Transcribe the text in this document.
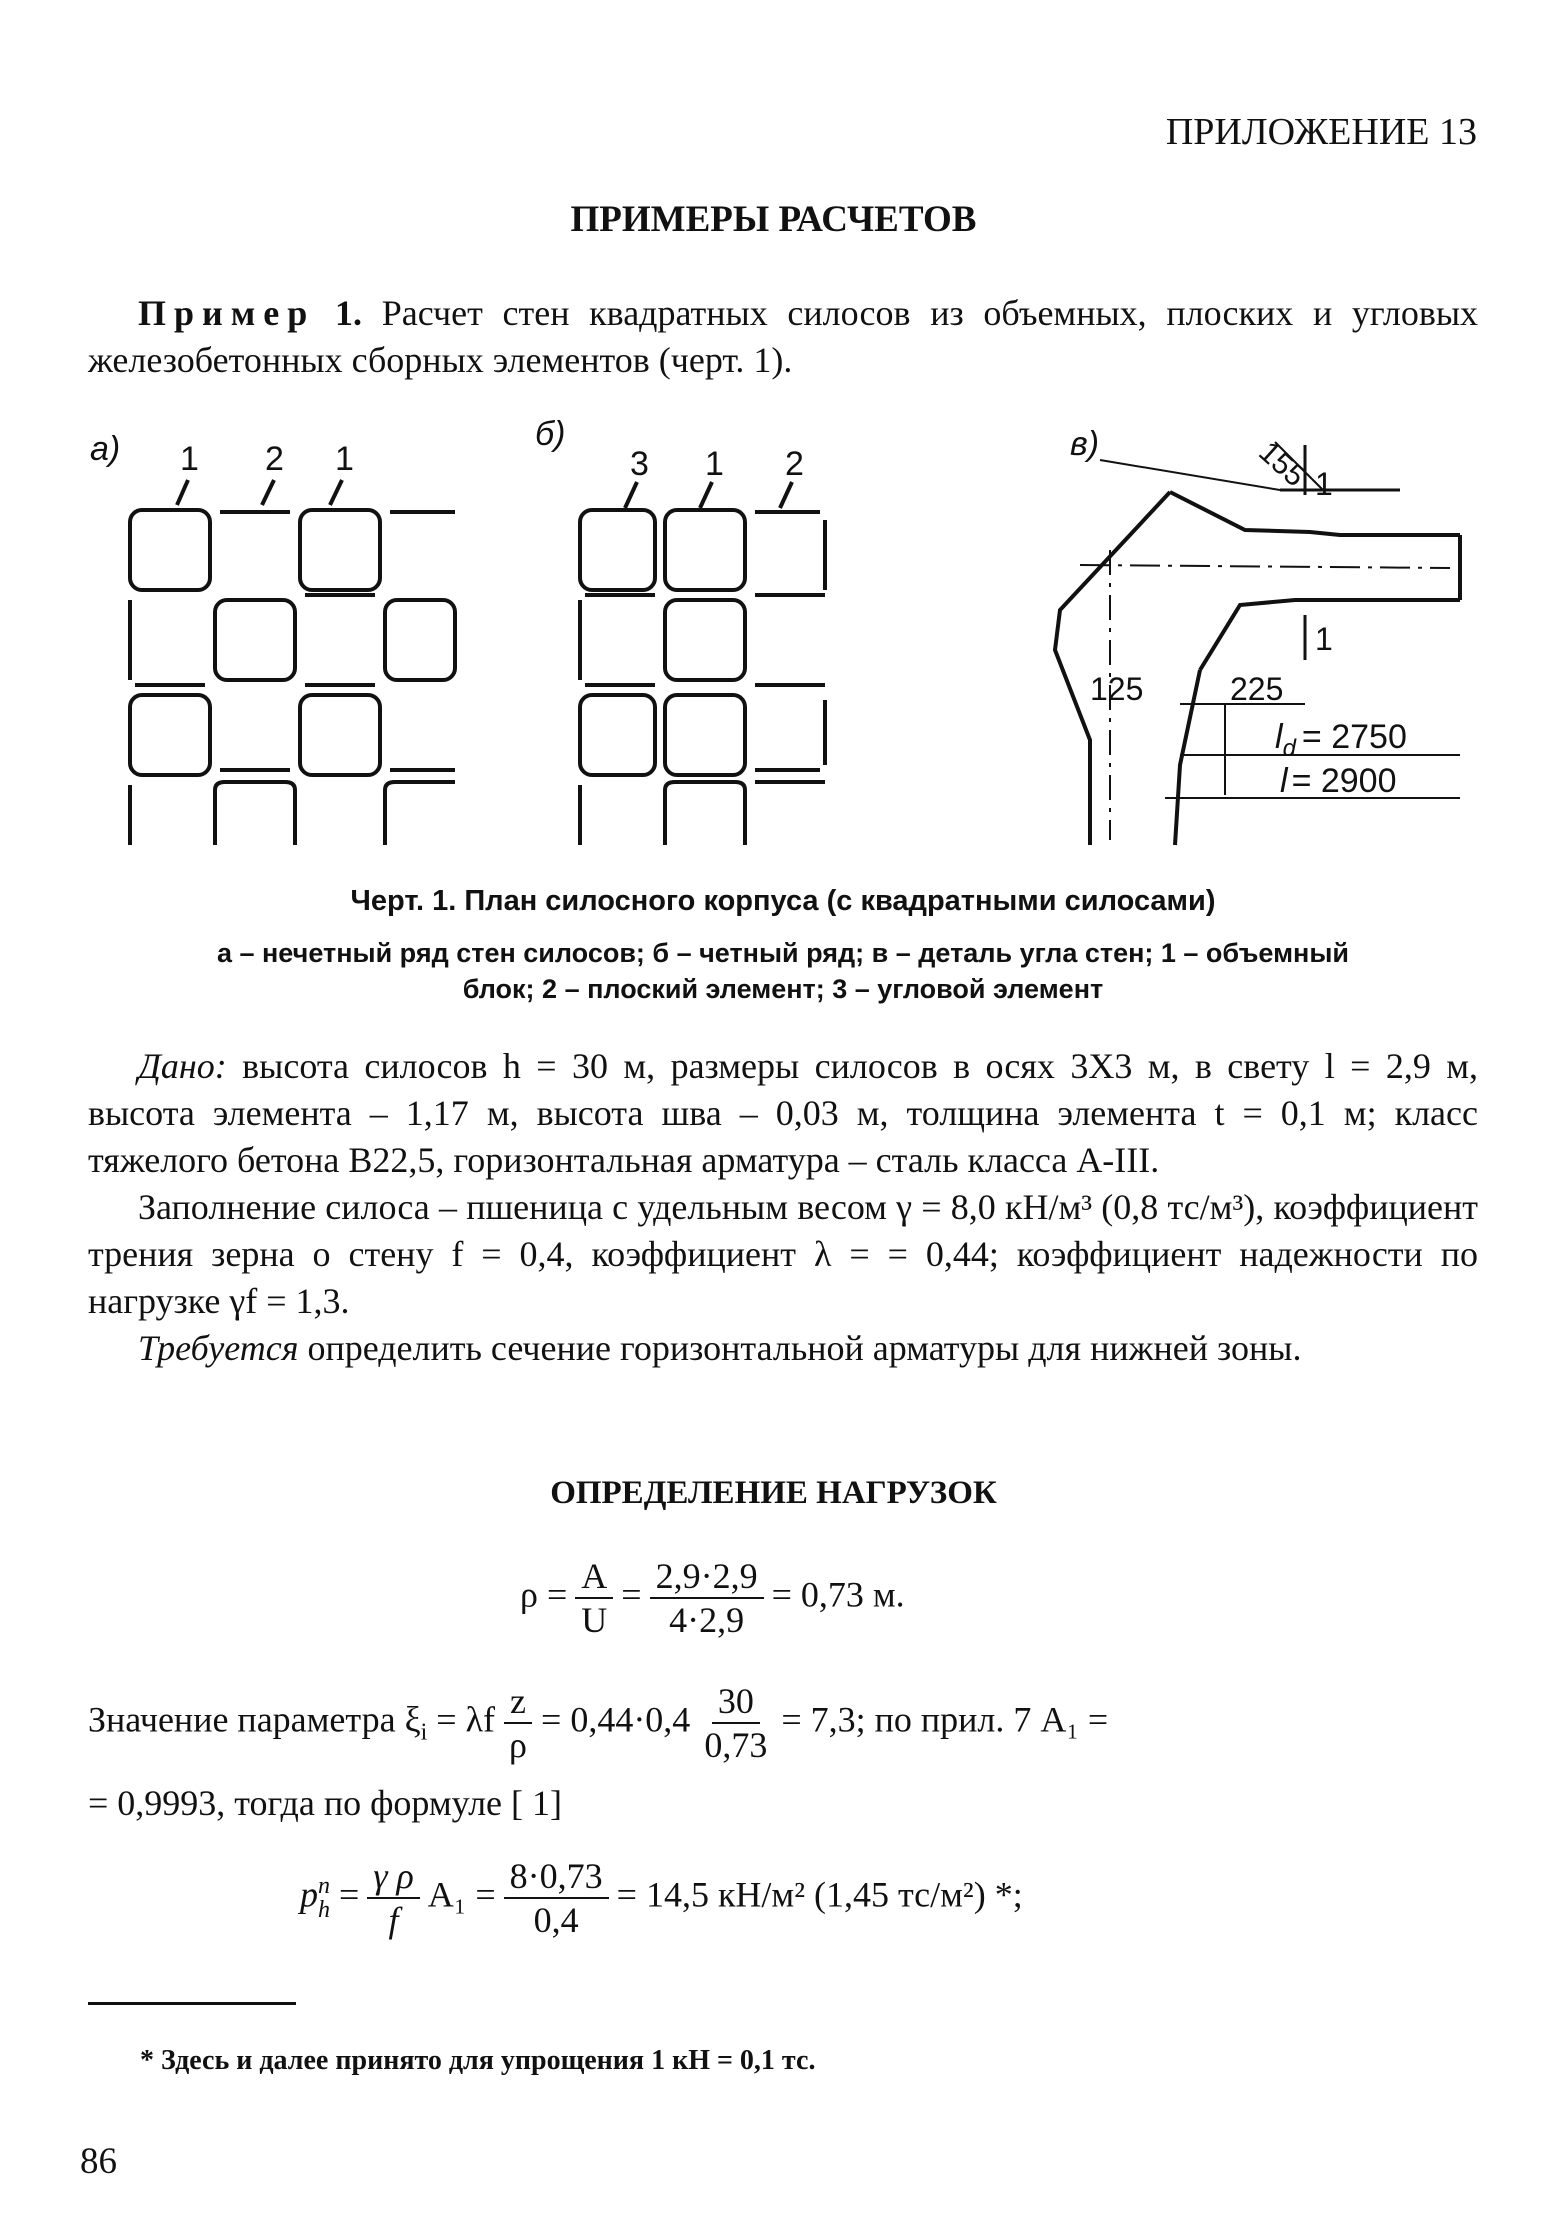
ПРИЛОЖЕНИЕ 13
ПРИМЕРЫ РАСЧЕТОВ

Пример 1. Расчет стен квадратных силосов из объемных, плоских и угловых железобетонных сборных элементов (черт. 1).

а) 1 2 1
б)
3 1 2
в)	155 1
1
125	225
$l_d = 2750$
l = 2900
Черт. 1. План силосного корпуса (с квадратными силосами)
а – нечетный ряд стен силосов; б – четный ряд; в – деталь угла стен; 1 – объемный
блок; 2 – плоский элемент; 3 – угловой элемент

Дано: высота силосов h = 30 м, размеры силосов в осях 3Х3 м, в свету l = 2,9 м, высота элемента – 1,17 м, высота шва – 0,03 м, толщина элемента t = 0,1 м; класс тяжелого бетона В22,5, горизонтальная арматура – сталь класса А-III.

Заполнение силоса – пшеница с удельным весом γ = 8,0 кН/м³ (0,8 тс/м³), коэффициент трения зерна о стену f = 0,4, коэффициент λ = = 0,44; коэффициент надежности по нагрузке γf = 1,3.

Требуется определить сечение горизонтальной арматуры для нижней зоны.

ОПРЕДЕЛЕНИЕ НАГРУЗОК
$\rho = \frac{A}{U} = \frac{2,9\cdot 2,9}{4\cdot 2,9} = 0,73$ м.
Значение параметра $\xi_i = \lambda f \frac{z}{\rho} = 0,44\cdot 0,4 \frac{30}{0,73} = 7,3$; по прил. 7 A₁ =
= 0,9993, тогда по формуле [ 1]
p n
$h = \frac{\text{γ ρ}}{f} A_1 = \frac{8\cdot 0,73}{0,4} = 14,5$ кН/м² (1,45 тс/м²) *;
* Здесь и далее принято для упрощения 1 кН = 0,1 тс.
86
